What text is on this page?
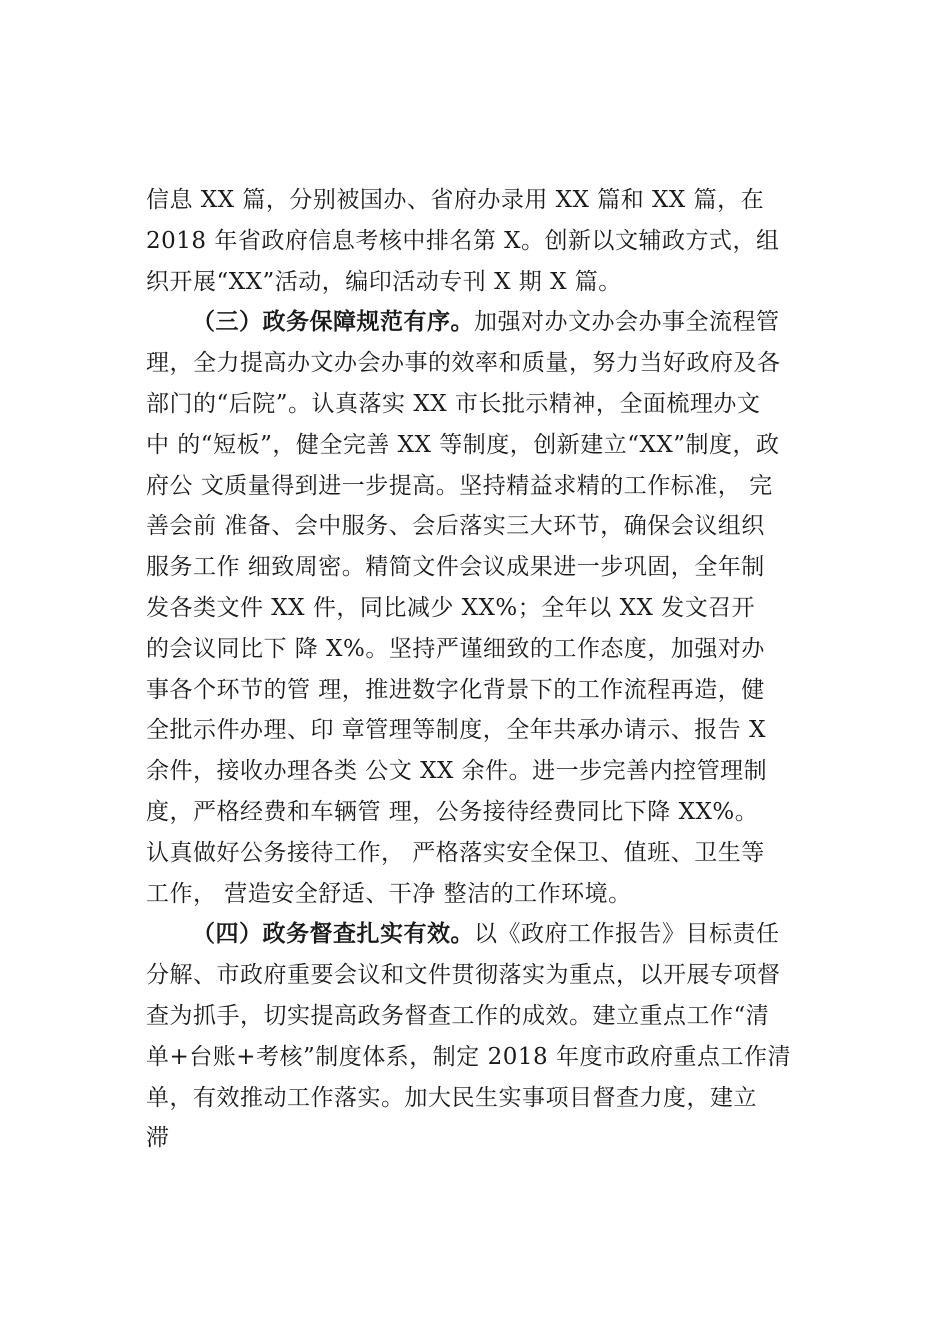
信息 XX 篇，分别被国办、省府办录用 XX 篇和 XX 篇，在
2018 年省政府信息考核中排名第 X。创新以文辅政方式，组
织开展“XX”活动，编印活动专刊 X 期 X 篇。
（三）政务保障规范有序。加强对办文办会办事全流程管
理，全力提高办文办会办事的效率和质量，努力当好政府及各
部门的“后院”。认真落实 XX 市长批示精神，全面梳理办文
中 的“短板”，健全完善 XX 等制度，创新建立“XX”制度，政
府公 文质量得到进一步提高。坚持精益求精的工作标准， 完
善会前 准备、会中服务、会后落实三大环节，确保会议组织
服务工作 细致周密。精简文件会议成果进一步巩固，全年制
发各类文件 XX 件，同比减少 XX%；全年以 XX 发文召开
的会议同比下 降 X%。坚持严谨细致的工作态度，加强对办
事各个环节的管 理，推进数字化背景下的工作流程再造，健
全批示件办理、印 章管理等制度，全年共承办请示、报告 X
余件，接收办理各类 公文 XX 余件。进一步完善内控管理制
度，严格经费和车辆管 理，公务接待经费同比下降 XX%。
认真做好公务接待工作， 严格落实安全保卫、值班、卫生等
工作， 营造安全舒适、干净 整洁的工作环境。
（四）政务督查扎实有效。以《政府工作报告》目标责任
分解、市政府重要会议和文件贯彻落实为重点，以开展专项督
查为抓手，切实提高政务督查工作的成效。建立重点工作“清
单+台账+考核”制度体系，制定 2018 年度市政府重点工作清
单，有效推动工作落实。加大民生实事项目督查力度，建立
滞
